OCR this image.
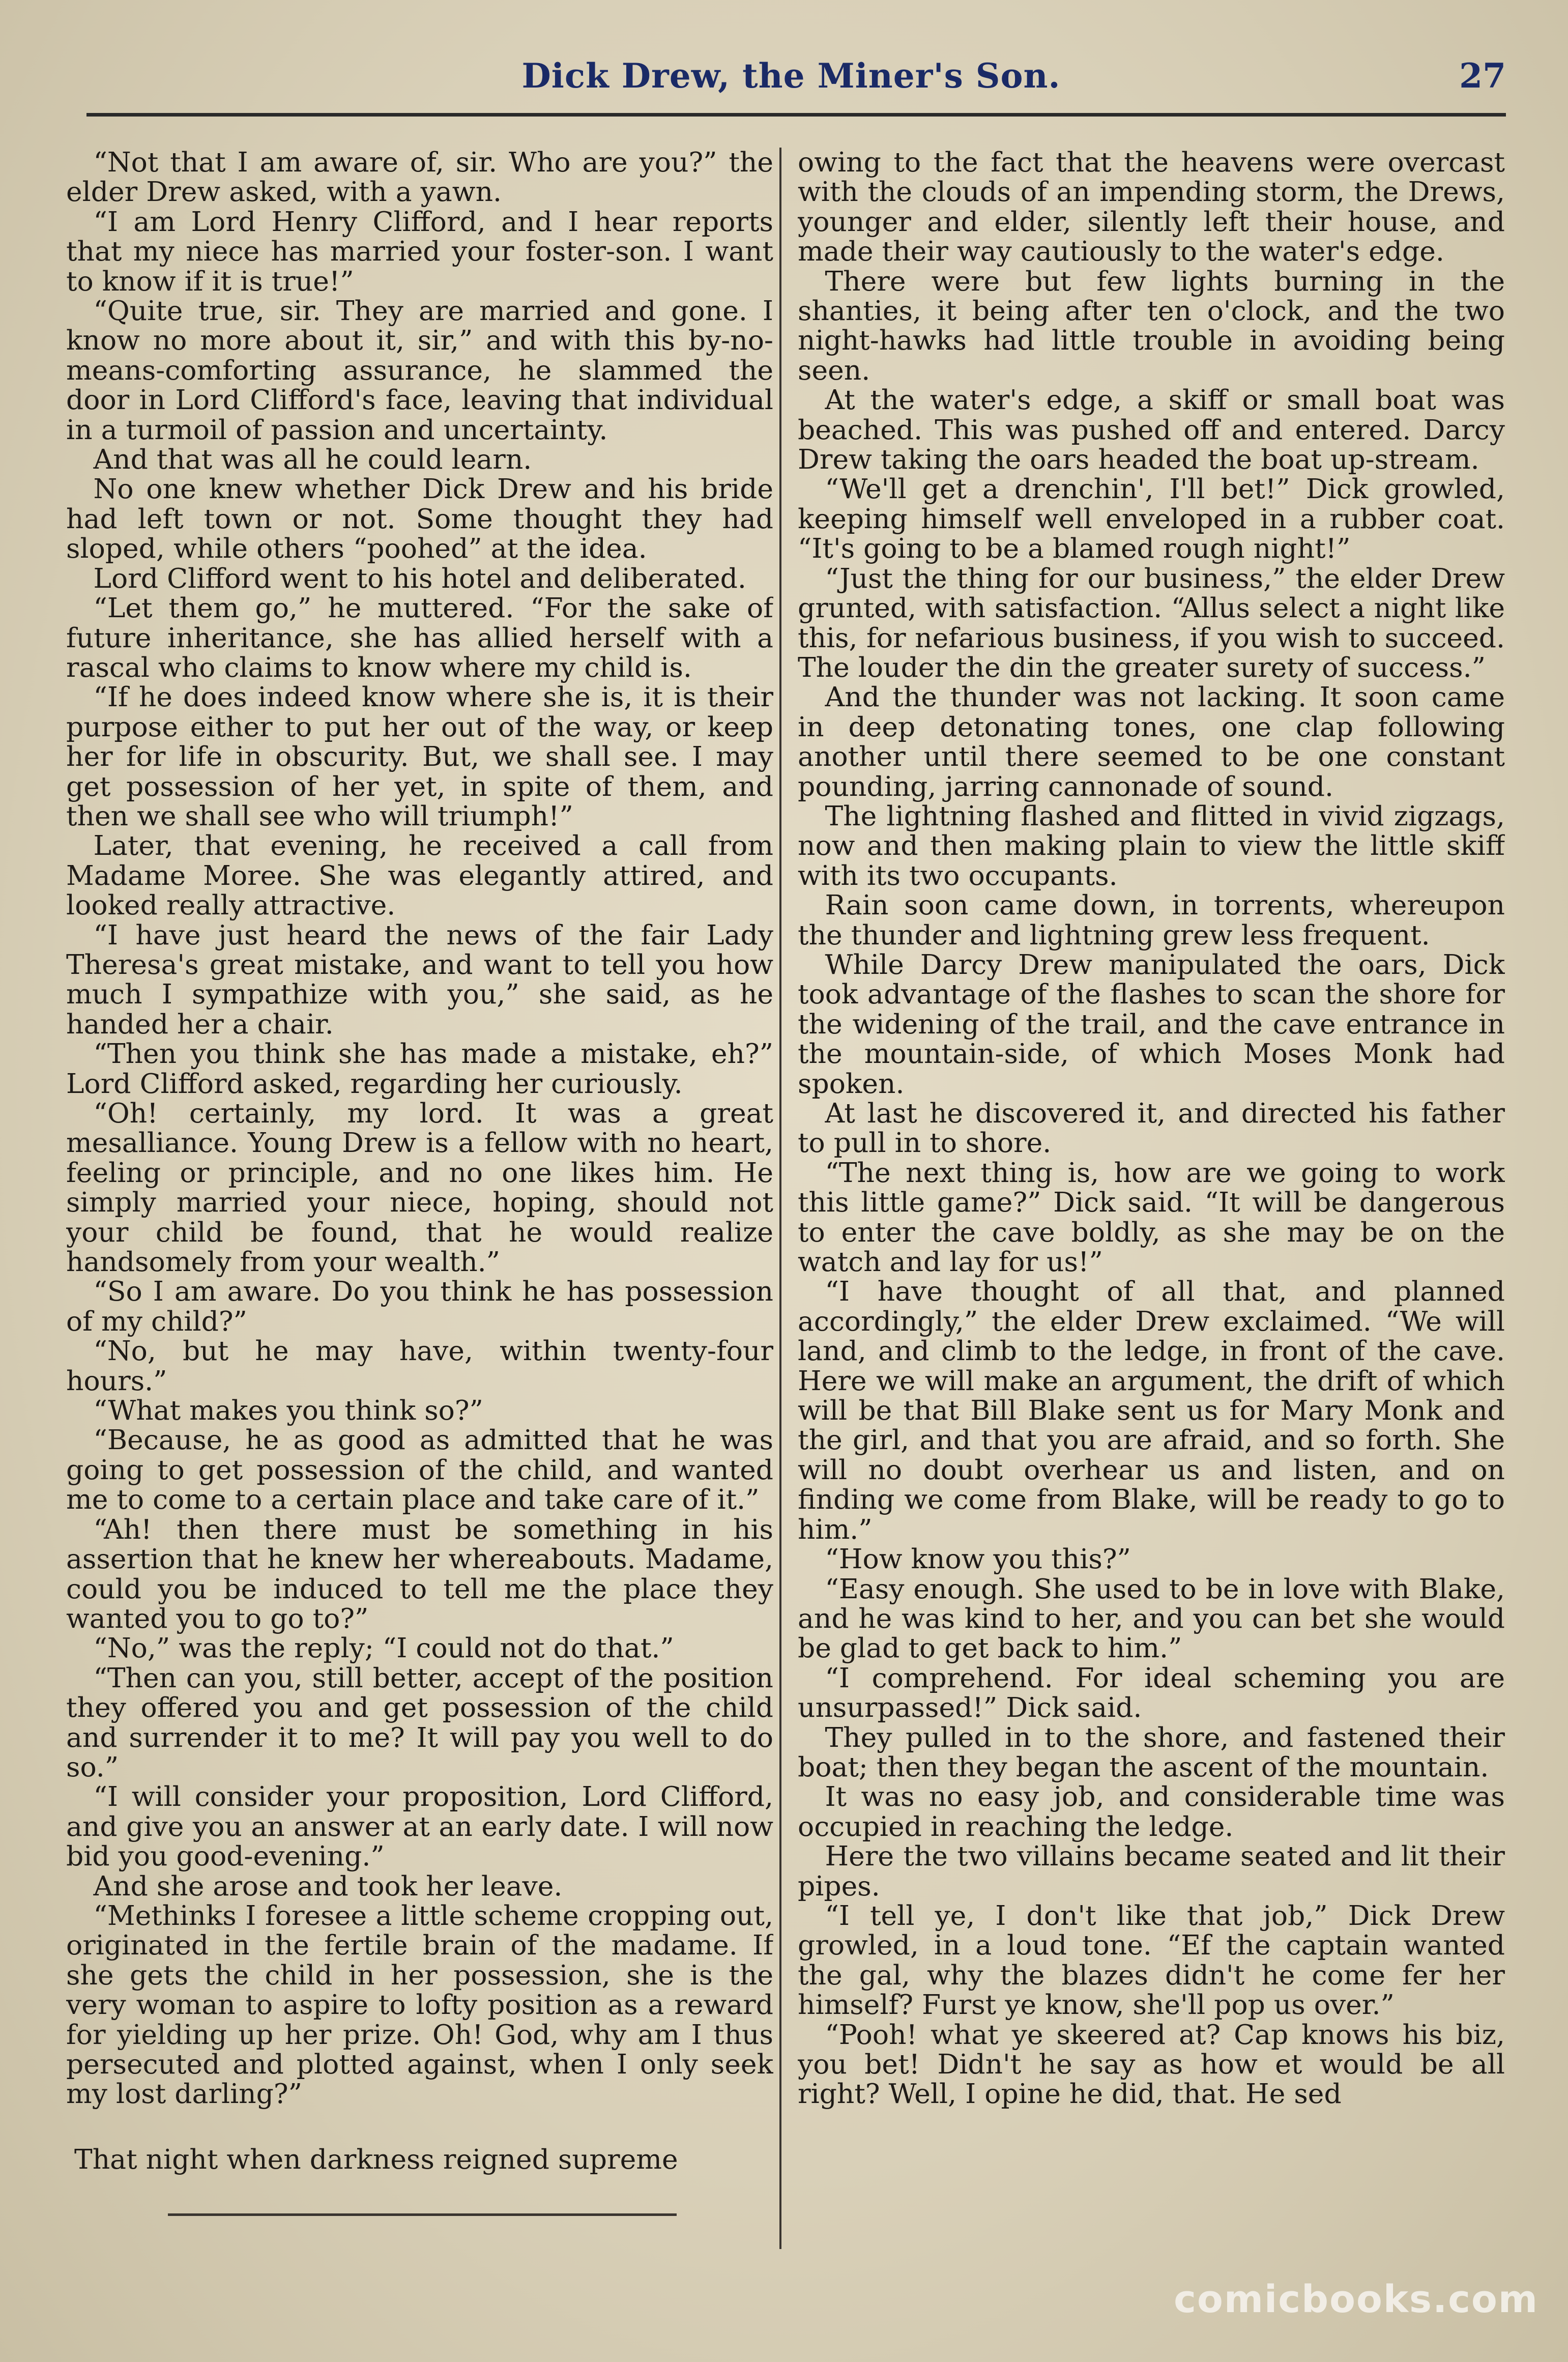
Dick Drew, the Miner's Son.	27

“Not that I am aware of, sir. Who are you?” the elder Drew asked, with a yawn.

“I am Lord Henry Clifford, and I hear reports that my niece has married your foster-son. I want to know if it is true!”

“Quite true, sir. They are married and gone. I know no more about it, sir,” and with this by-no-means-comforting assurance, he slammed the door in Lord Clifford's face, leaving that individual in a turmoil of passion and uncertainty.

And that was all he could learn.

No one knew whether Dick Drew and his bride had left town or not. Some thought they had sloped, while others “poohed” at the idea.

Lord Clifford went to his hotel and deliberated.

“Let them go,” he muttered. “For the sake of future inheritance, she has allied herself with a rascal who claims to know where my child is.

“If he does indeed know where she is, it is their purpose either to put her out of the way, or keep her for life in obscurity. But, we shall see. I may get possession of her yet, in spite of them, and then we shall see who will triumph!”

Later, that evening, he received a call from Madame Moree. She was elegantly attired, and looked really attractive.

“I have just heard the news of the fair Lady Theresa's great mistake, and want to tell you how much I sympathize with you,” she said, as he handed her a chair.

“Then you think she has made a mistake, eh?” Lord Clifford asked, regarding her curiously.

“Oh! certainly, my lord. It was a great mesalliance. Young Drew is a fellow with no heart, feeling or principle, and no one likes him. He simply married your niece, hoping, should not your child be found, that he would realize handsomely from your wealth.”

“So I am aware. Do you think he has possession of my child?”

“No, but he may have, within twenty-four hours.”

“What makes you think so?”

“Because, he as good as admitted that he was going to get possession of the child, and wanted me to come to a certain place and take care of it.”

“Ah! then there must be something in his assertion that he knew her whereabouts. Madame, could you be induced to tell me the place they wanted you to go to?”

“No,” was the reply; “I could not do that.”

“Then can you, still better, accept of the position they offered you and get possession of the child and surrender it to me? It will pay you well to do so.”

“I will consider your proposition, Lord Clifford, and give you an answer at an early date. I will now bid you good-evening.”

And she arose and took her leave.

“Methinks I foresee a little scheme cropping out, originated in the fertile brain of the madame. If she gets the child in her possession, she is the very woman to aspire to lofty position as a reward for yielding up her prize. Oh! God, why am I thus persecuted and plotted against, when I only seek my lost darling?”

That night when darkness reigned supreme

owing to the fact that the heavens were overcast with the clouds of an impending storm, the Drews, younger and elder, silently left their house, and made their way cautiously to the water's edge.

There were but few lights burning in the shanties, it being after ten o'clock, and the two night-hawks had little trouble in avoiding being seen.

At the water's edge, a skiff or small boat was beached. This was pushed off and entered. Darcy Drew taking the oars headed the boat up-stream.

“We'll get a drenchin', I'll bet!” Dick growled, keeping himself well enveloped in a rubber coat. “It's going to be a blamed rough night!”

“Just the thing for our business,” the elder Drew grunted, with satisfaction. “Allus select a night like this, for nefarious business, if you wish to succeed. The louder the din the greater surety of success.”

And the thunder was not lacking. It soon came in deep detonating tones, one clap following another until there seemed to be one constant pounding, jarring cannonade of sound.

The lightning flashed and flitted in vivid zigzags, now and then making plain to view the little skiff with its two occupants.

Rain soon came down, in torrents, whereupon the thunder and lightning grew less frequent.

While Darcy Drew manipulated the oars, Dick took advantage of the flashes to scan the shore for the widening of the trail, and the cave entrance in the mountain-side, of which Moses Monk had spoken.

At last he discovered it, and directed his father to pull in to shore.

“The next thing is, how are we going to work this little game?” Dick said. “It will be dangerous to enter the cave boldly, as she may be on the watch and lay for us!”

“I have thought of all that, and planned accordingly,” the elder Drew exclaimed. “We will land, and climb to the ledge, in front of the cave. Here we will make an argument, the drift of which will be that Bill Blake sent us for Mary Monk and the girl, and that you are afraid, and so forth. She will no doubt overhear us and listen, and on finding we come from Blake, will be ready to go to him.”

“How know you this?”

“Easy enough. She used to be in love with Blake, and he was kind to her, and you can bet she would be glad to get back to him.”

“I comprehend. For ideal scheming you are unsurpassed!” Dick said.

They pulled in to the shore, and fastened their boat; then they began the ascent of the mountain.

It was no easy job, and considerable time was occupied in reaching the ledge.

Here the two villains became seated and lit their pipes.

“I tell ye, I don't like that job,” Dick Drew growled, in a loud tone. “Ef the captain wanted the gal, why the blazes didn't he come fer her himself? Furst ye know, she'll pop us over.”

“Pooh! what ye skeered at? Cap knows his biz, you bet! Didn't he say as how et would be all right? Well, I opine he did, that. He sed

comicbooks.com
